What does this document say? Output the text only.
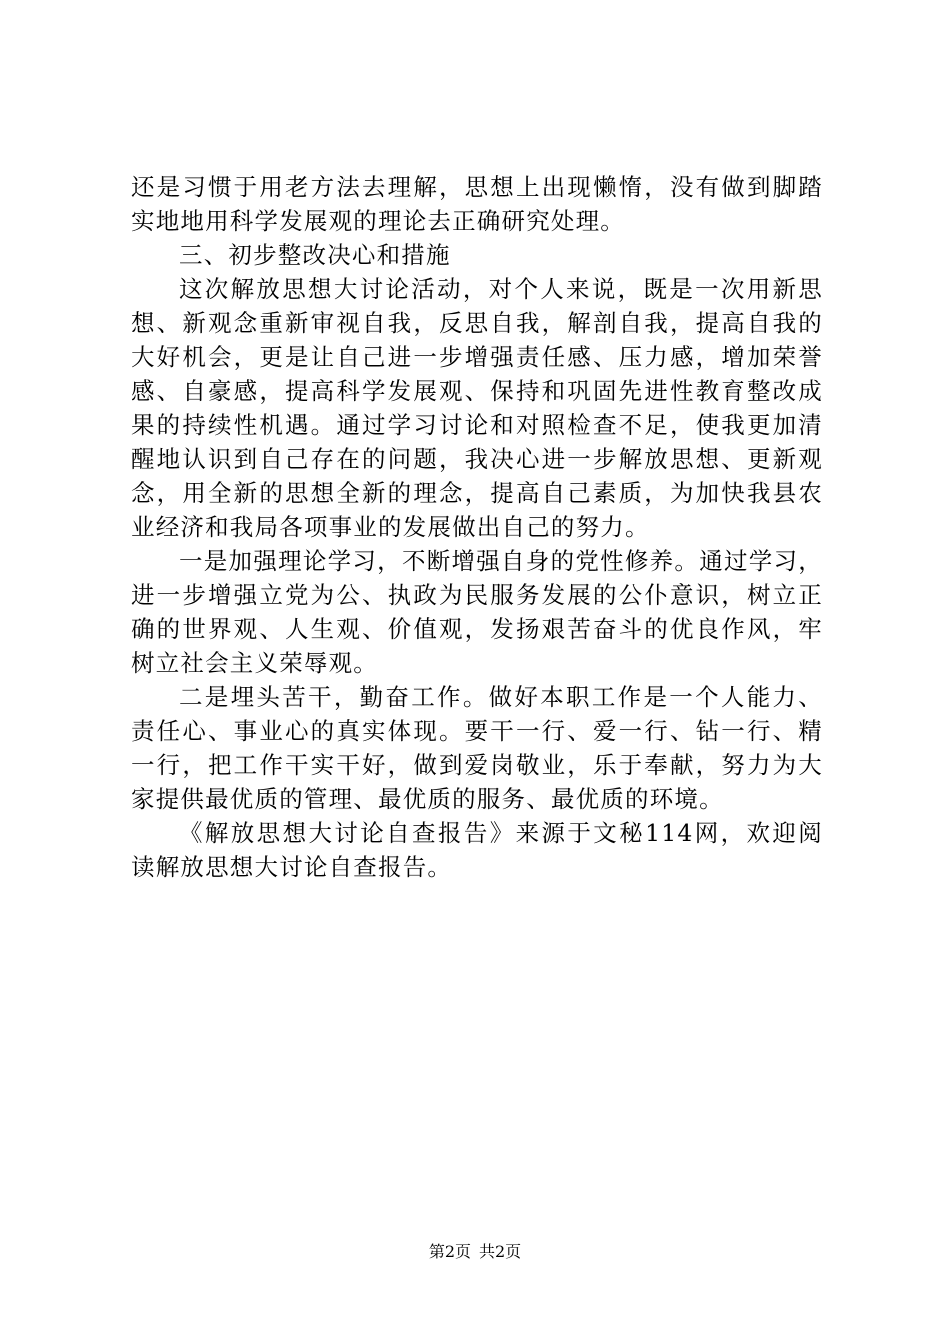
还是习惯于用老方法去理解，思想上出现懒惰，没有做到脚踏
实地地用科学发展观的理论去正确研究处理。
三、初步整改决心和措施
这次解放思想大讨论活动，对个人来说，既是一次用新思
想、新观念重新审视自我，反思自我，解剖自我，提高自我的
大好机会，更是让自己进一步增强责任感、压力感，增加荣誉
感、自豪感，提高科学发展观、保持和巩固先进性教育整改成
果的持续性机遇。通过学习讨论和对照检查不足，使我更加清
醒地认识到自己存在的问题，我决心进一步解放思想、更新观
念，用全新的思想全新的理念，提高自己素质，为加快我县农
业经济和我局各项事业的发展做出自己的努力。
一是加强理论学习，不断增强自身的党性修养。通过学习，
进一步增强立党为公、执政为民服务发展的公仆意识，树立正
确的世界观、人生观、价值观，发扬艰苦奋斗的优良作风，牢
树立社会主义荣辱观。
二是埋头苦干，勤奋工作。做好本职工作是一个人能力、
责任心、事业心的真实体现。要干一行、爱一行、钻一行、精
一行，把工作干实干好，做到爱岗敬业，乐于奉献，努力为大
家提供最优质的管理、最优质的服务、最优质的环境。
《解放思想大讨论自查报告》来源于文秘114网，欢迎阅
读解放思想大讨论自查报告。
第2页 共2页
